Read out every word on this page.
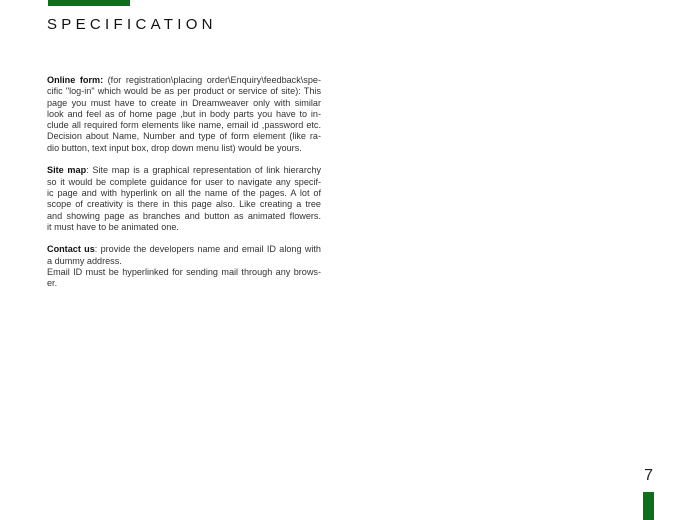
SPECIFICATION

Online form: (for registration\placing order\Enquiry\feedback\spe-
cific "log-in" which would be as per product or service of site): This
page you must have to create in Dreamweaver only with similar
look and feel as of home page ,but in body parts you have to in-
clude all required form elements like name, email id ,password etc.
Decision about Name, Number and type of form element (like ra-
dio button, text input box, drop down menu list) would be yours.

Site map: Site map is a graphical representation of link hierarchy
so it would be complete guidance for user to navigate any specif-
ic page and with hyperlink on all the name of the pages. A lot of
scope of creativity is there in this page also. Like creating a tree
and showing page as branches and button as animated flowers.
it must have to be animated one.

Contact us: provide the developers name and email ID along with
a dummy address.
Email ID must be hyperlinked for sending mail through any brows-
er.

7
